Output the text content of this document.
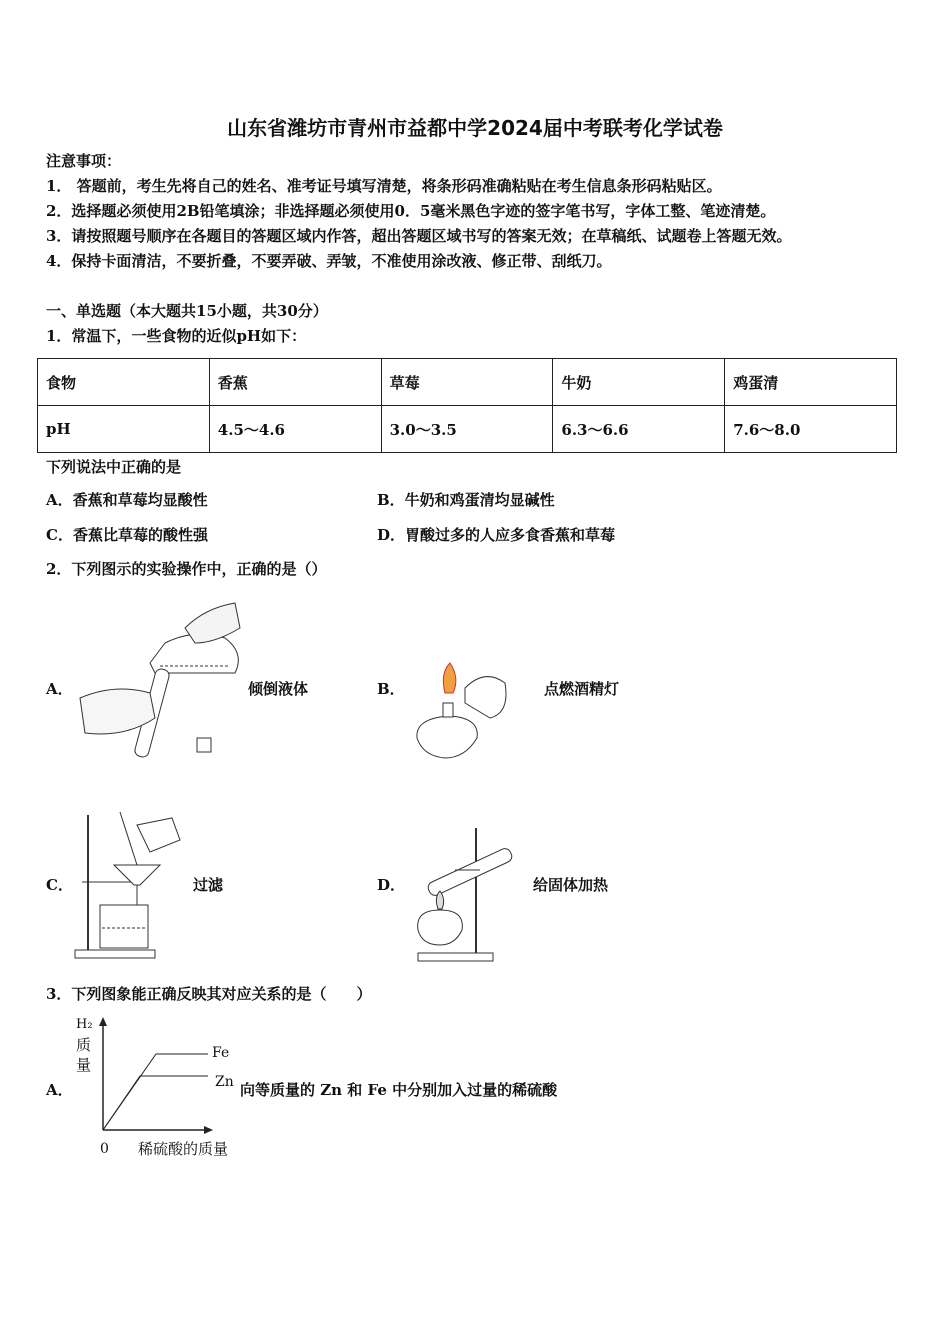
山东省潍坊市青州市益都中学2024届中考联考化学试卷
注意事项：
1． 答题前，考生先将自己的姓名、准考证号填写清楚，将条形码准确粘贴在考生信息条形码粘贴区。
2．选择题必须使用2B铅笔填涂；非选择题必须使用0．5毫米黑色字迹的签字笔书写，字体工整、笔迹清楚。
3．请按照题号顺序在各题目的答题区域内作答，超出答题区域书写的答案无效；在草稿纸、试题卷上答题无效。
4．保持卡面清洁，不要折叠，不要弄破、弄皱，不准使用涂改液、修正带、刮纸刀。
一、单选题（本大题共15小题，共30分）
1．常温下，一些食物的近似pH如下：
食物	香蕉	草莓	牛奶	鸡蛋清
pH	4.5～4.6	3.0～3.5	6.3～6.6	7.6～8.0
下列说法中正确的是
A．香蕉和草莓均显酸性	B．牛奶和鸡蛋清均显碱性
C．香蕉比草莓的酸性强	D．胃酸过多的人应多食香蕉和草莓
2．下列图示的实验操作中，正确的是（）
A．	倾倒液体	B．	点燃酒精灯
C．	过滤	D．	给固体加热
3．下列图象能正确反映其对应关系的是（　　）
A．
H₂
质
量
Fe
Zn
0 稀硫酸的质量
向等质量的 Zn 和 Fe 中分别加入过量的稀硫酸
